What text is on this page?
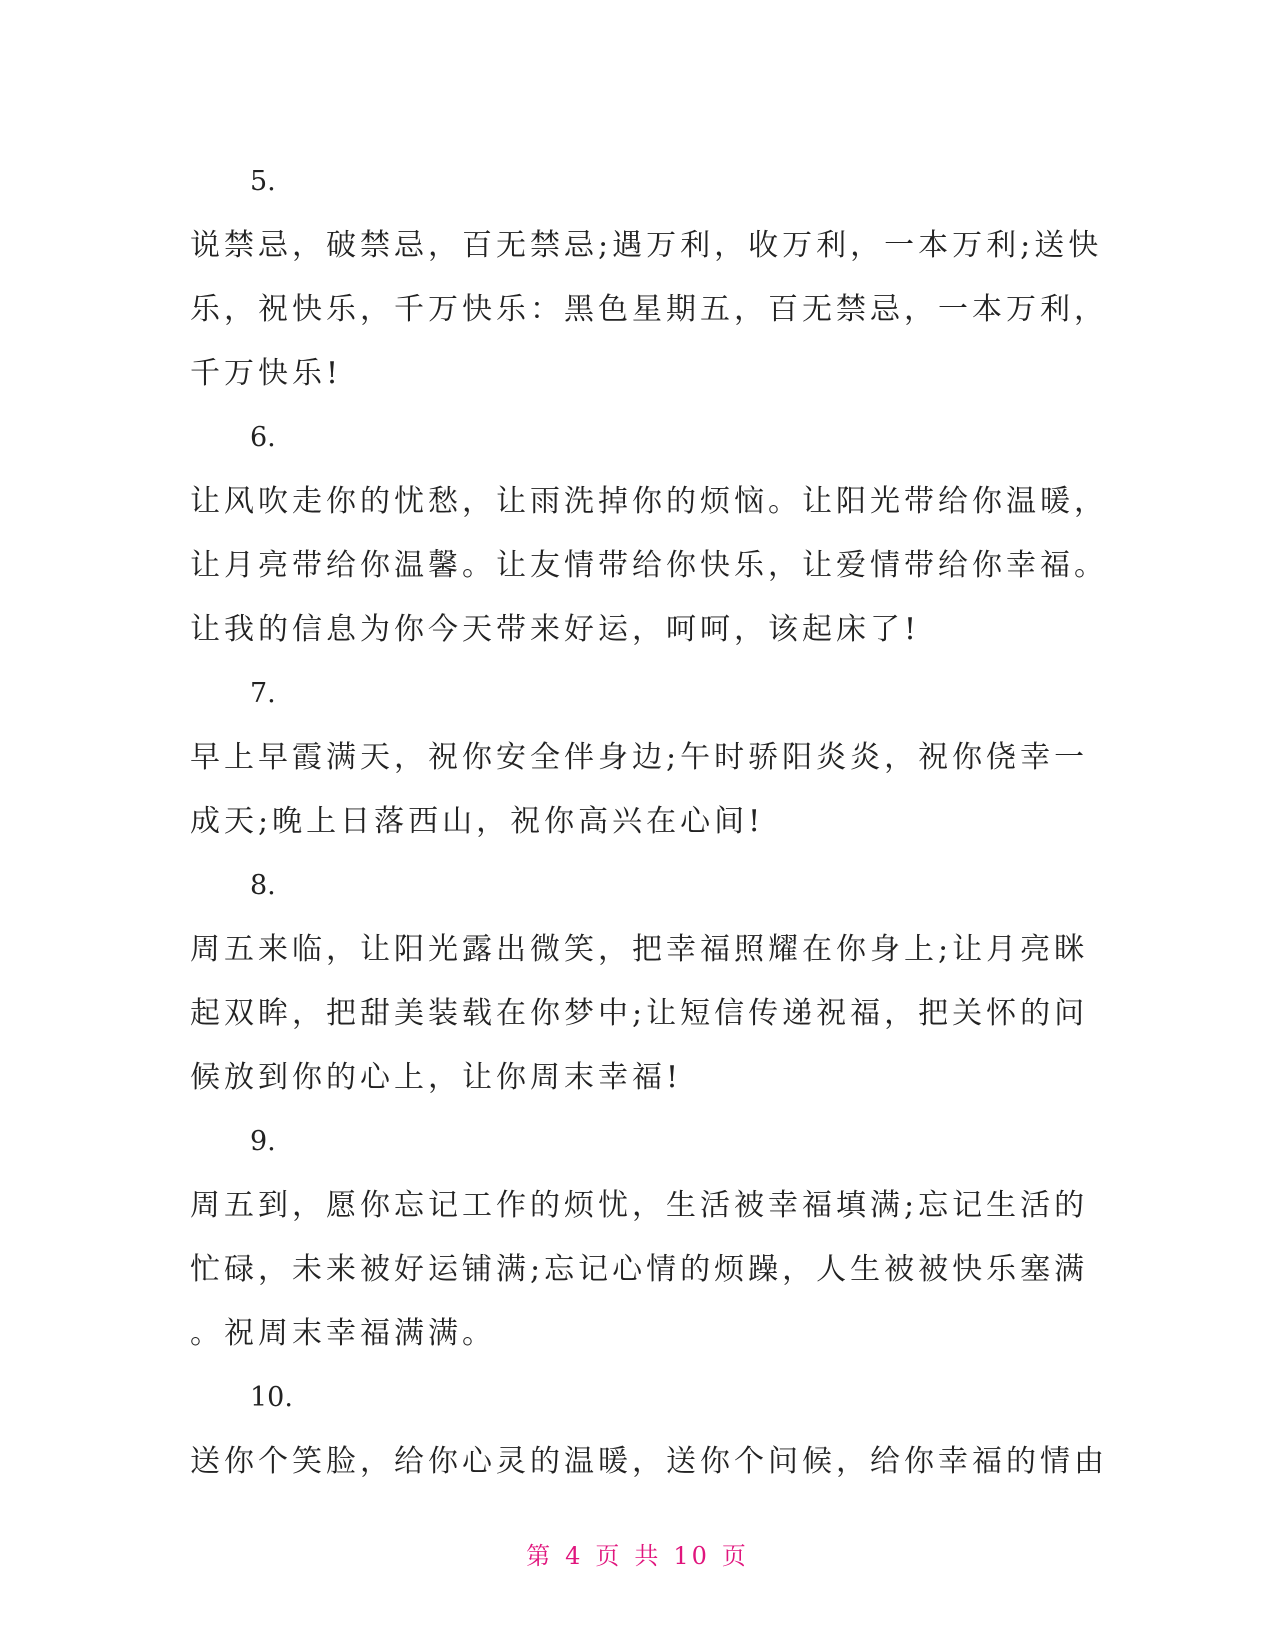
5.

说禁忌，破禁忌，百无禁忌;遇万利，收万利，一本万利;送快
乐，祝快乐，千万快乐：黑色星期五，百无禁忌，一本万利，
千万快乐!

6.

让风吹走你的忧愁，让雨洗掉你的烦恼。让阳光带给你温暖，
让月亮带给你温馨。让友情带给你快乐，让爱情带给你幸福。
让我的信息为你今天带来好运，呵呵，该起床了!

7.

早上早霞满天，祝你安全伴身边;午时骄阳炎炎，祝你侥幸一
成天;晚上日落西山，祝你高兴在心间!

8.

周五来临，让阳光露出微笑，把幸福照耀在你身上;让月亮眯
起双眸，把甜美装载在你梦中;让短信传递祝福，把关怀的问
候放到你的心上，让你周末幸福!

9.

周五到，愿你忘记工作的烦忧，生活被幸福填满;忘记生活的
忙碌，未来被好运铺满;忘记心情的烦躁，人生被被快乐塞满
。祝周末幸福满满。

10.

送你个笑脸，给你心灵的温暖，送你个问候，给你幸福的情由

第 4 页 共 10 页
